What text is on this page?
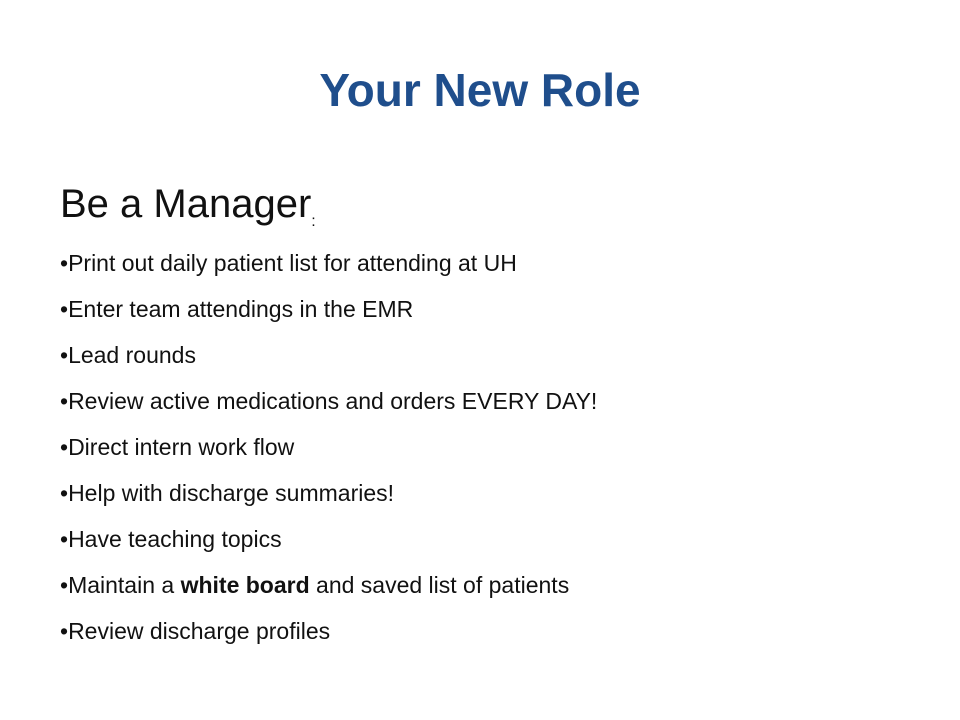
Your New Role
Be a Manager$_:$
•Print out daily patient list for attending at UH
•Enter team attendings in the EMR
•Lead rounds
•Review active medications and orders EVERY DAY!
•Direct intern work flow
•Help with discharge summaries!
•Have teaching topics
•Maintain a white board and saved list of patients
•Review discharge profiles
